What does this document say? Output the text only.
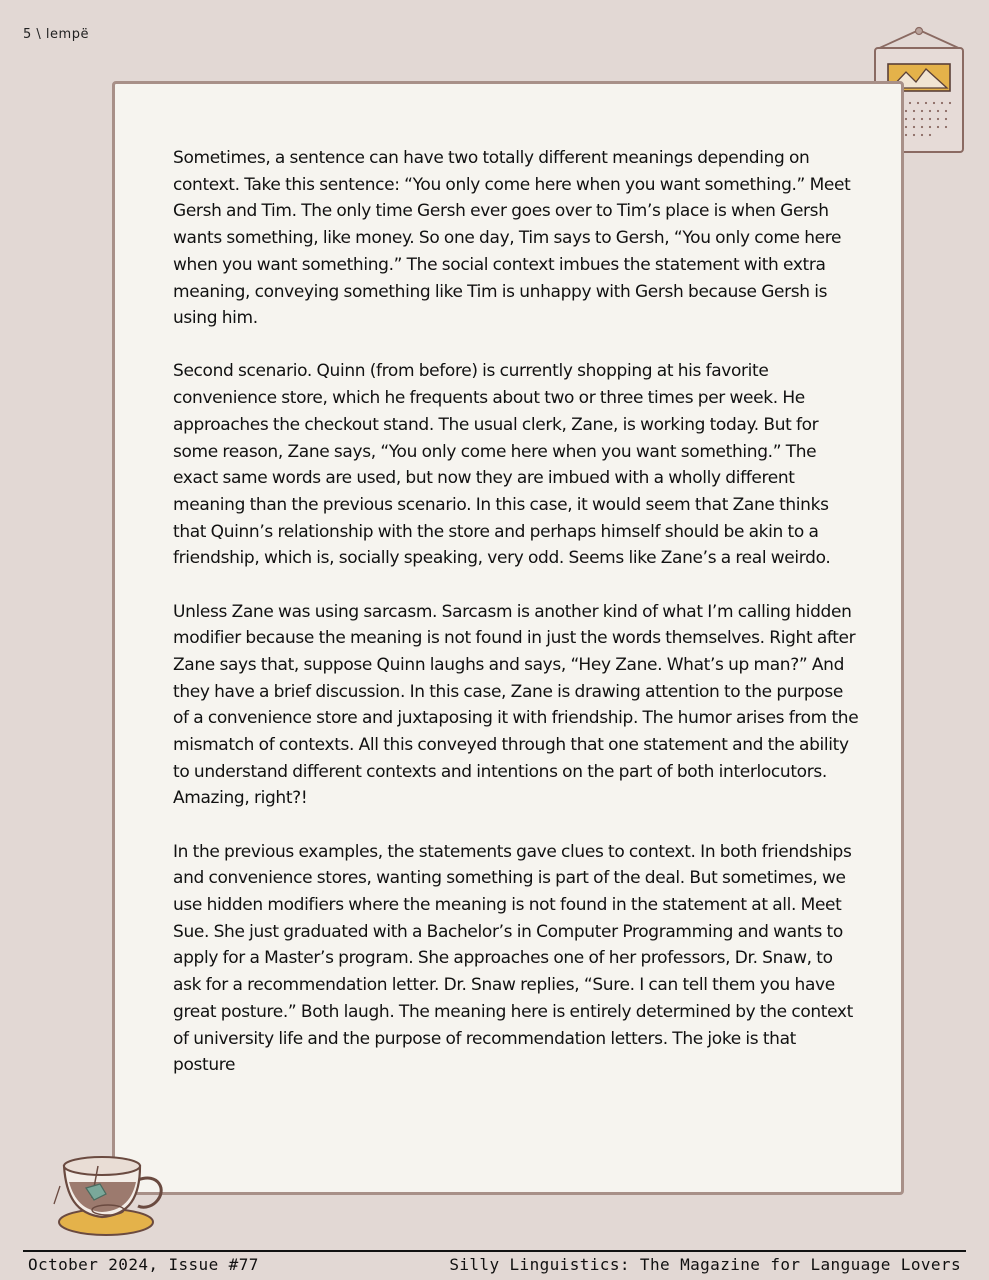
5 \ lempë

Sometimes, a sentence can have two totally different meanings depending on context. Take this sentence: “You only come here when you want something.” Meet Gersh and Tim. The only time Gersh ever goes over to Tim’s place is when Gersh wants something, like money. So one day, Tim says to Gersh, “You only come here when you want something.” The social context imbues the statement with extra meaning, conveying something like Tim is unhappy with Gersh because Gersh is using him.

Second scenario. Quinn (from before) is currently shopping at his favorite convenience store, which he frequents about two or three times per week. He approaches the checkout stand. The usual clerk, Zane, is working today. But for some reason, Zane says, “You only come here when you want something.” The exact same words are used, but now they are imbued with a wholly different meaning than the previous scenario. In this case, it would seem that Zane thinks that Quinn’s relationship with the store and perhaps himself should be akin to a friendship, which is, socially speaking, very odd. Seems like Zane’s a real weirdo.

Unless Zane was using sarcasm. Sarcasm is another kind of what I’m calling hidden modifier because the meaning is not found in just the words themselves. Right after Zane says that, suppose Quinn laughs and says, “Hey Zane. What’s up man?” And they have a brief discussion. In this case, Zane is drawing attention to the purpose of a convenience store and juxtaposing it with friendship. The humor arises from the mismatch of contexts. All this conveyed through that one statement and the ability to understand different contexts and intentions on the part of both interlocutors. Amazing, right?!

In the previous examples, the statements gave clues to context. In both friendships and convenience stores, wanting something is part of the deal. But sometimes, we use hidden modifiers where the meaning is not found in the statement at all. Meet Sue. She just graduated with a Bachelor’s in Computer Programming and wants to apply for a Master’s program. She approaches one of her professors, Dr. Snaw, to ask for a recommendation letter. Dr. Snaw replies, “Sure. I can tell them you have great posture.” Both laugh. The meaning here is entirely determined by the context of university life and the purpose of recommendation letters. The joke is that posture

October 2024, Issue #77	Silly Linguistics: The Magazine for Language Lovers
